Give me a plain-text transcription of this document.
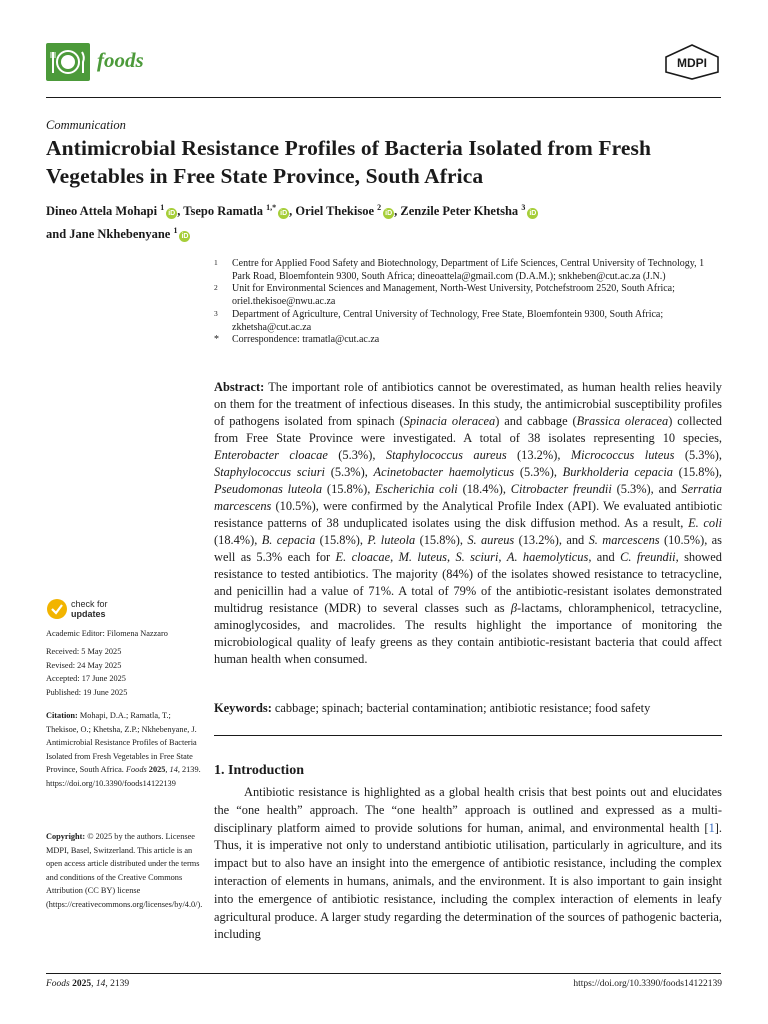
foods	MDPI
Communication
Antimicrobial Resistance Profiles of Bacteria Isolated from Fresh Vegetables in Free State Province, South Africa
Dineo Attela Mohapi $^1$iD , Tsepo Ramatla $^{1,*}$iD , Oriel Thekisoe $^2$iD , Zenzile Peter Khetsha $^3$iD
and Jane Nkhebenyane $^1$iD
1 Centre for Applied Food Safety and Biotechnology, Department of Life Sciences, Central University of Technology, 1 Park Road, Bloemfontein 9300, South Africa; dineoattela@gmail.com (D.A.M.); snkheben@cut.ac.za (J.N.)
2 Unit for Environmental Sciences and Management, North-West University, Potchefstroom 2520, South Africa; oriel.thekisoe@nwu.ac.za
3 Department of Agriculture, Central University of Technology, Free State, Bloemfontein 9300, South Africa; zkhetsha@cut.ac.za
* Correspondence: tramatla@cut.ac.za
Abstract: The important role of antibiotics cannot be overestimated, as human health relies heavily on them for the treatment of infectious diseases. In this study, the antimicrobial susceptibility profiles of pathogens isolated from spinach (Spinacia oleracea) and cabbage (Brassica oleracea) collected from Free State Province were investigated. A total of 38 isolates representing 10 species, Enterobacter cloacae (5.3%), Staphylococcus aureus (13.2%), Micrococcus luteus (5.3%), Staphylococcus sciuri (5.3%), Acinetobacter haemolyticus (5.3%), Burkholderia cepacia (15.8%), Pseudomonas luteola (15.8%), Escherichia coli (18.4%), Citrobacter freundii (5.3%), and Serratia marcescens (10.5%), were confirmed by the Analytical Profile Index (API). We evaluated antibiotic resistance patterns of 38 unduplicated isolates using the disk diffusion method. As a result, E. coli (18.4%), B. cepacia (15.8%), P. luteola (15.8%), S. aureus (13.2%), and S. marcescens (10.5%), as well as 5.3% each for E. cloacae, M. luteus, S. sciuri, A. haemolyticus, and C. freundii, showed resistance to tested antibiotics. The majority (84%) of the isolates showed resistance to tetracycline, and penicillin had a value of 71%. A total of 79% of the antibiotic-resistant isolates demonstrated multidrug resistance (MDR) to several classes such as β-lactams, chloramphenicol, tetracycline, aminoglycosides, and macrolides. The results highlight the importance of monitoring the microbiological quality of leafy greens as they contain antibiotic-resistant bacteria that could affect human health when consumed.
Keywords: cabbage; spinach; bacterial contamination; antibiotic resistance; food safety
1. Introduction
Antibiotic resistance is highlighted as a global health crisis that best points out and elucidates the “one health” approach. The “one health” approach is outlined and expressed as a multi-disciplinary platform aimed to provide solutions for human, animal, and environmental health [1]. Thus, it is imperative not only to understand antibiotic utilisation, particularly in agriculture, and its impact but to also have an insight into the emergence of antibiotic resistance, including the complex interaction of elements in humans, animals, and the environment. It is also important to gain insight into the emergence of antibiotic resistance, including the complex interaction of elements in leafy agricultural produce. A larger study regarding the determination of the sources of pathogenic bacteria, including
check for
updates
Academic Editor: Filomena Nazzaro
Received: 5 May 2025
Revised: 24 May 2025
Accepted: 17 June 2025
Published: 19 June 2025
Citation: Mohapi, D.A.; Ramatla, T.; Thekisoe, O.; Khetsha, Z.P.; Nkhebenyane, J. Antimicrobial Resistance Profiles of Bacteria Isolated from Fresh Vegetables in Free State Province, South Africa. Foods 2025, 14, 2139. https://doi.org/10.3390/foods14122139
Copyright: © 2025 by the authors. Licensee MDPI, Basel, Switzerland. This article is an open access article distributed under the terms and conditions of the Creative Commons Attribution (CC BY) license (https://creativecommons.org/licenses/by/4.0/).
Foods 2025, 14, 2139	https://doi.org/10.3390/foods14122139
